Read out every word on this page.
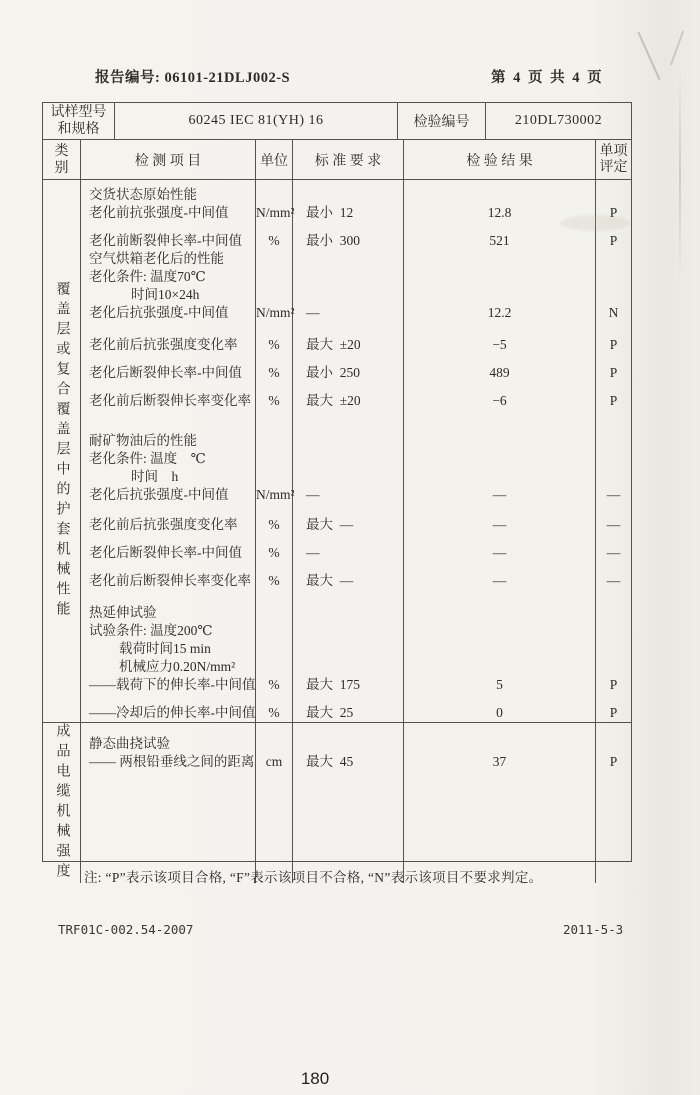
报告编号: 06101-21DLJ002-S	第 4 页 共 4 页
试样型号
和规格
60245 IEC 81(YH) 16	检验编号	210DL730002
类
别	检 测 项 目	单位	标 准 要 求	检 验 结 果
单项
评定
覆盖层或复合覆盖层中的护套机械性能
交货状态原始性能
老化前抗张强度-中间值	N/mm² 最小  12	12.8	P
老化前断裂伸长率-中间值	%	最小  300	521	P
空气烘箱老化后的性能
老化条件: 温度70℃
时间10×24h
老化后抗张强度-中间值	N/mm² —	12.2	N
老化前后抗张强度变化率	%	最大  ±20	−5	P
老化后断裂伸长率-中间值	%	最小  250	489	P
老化前后断裂伸长率变化率	%	最大  ±20	−6	P
耐矿物油后的性能
老化条件: 温度    ℃
时间    h
老化后抗张强度-中间值	N/mm² —	—	—
老化前后抗张强度变化率	%	最大  —	—	—
老化后断裂伸长率-中间值	%	—	—	—
老化前后断裂伸长率变化率	%	最大  —	—	—
热延伸试验
试验条件: 温度200℃
载荷时间15 min
机械应力0.20N/mm²
——载荷下的伸长率-中间值 %	最大  175	5	P
——冷却后的伸长率-中间值 %	最大  25	0	P
成品电缆机械强度	静态曲挠试验
—— 两根铅垂线之间的距离 cm	最大  45	37	P
注: “P”表示该项目合格, “F”表示该项目不合格, “N”表示该项目不要求判定。
TRF01C-002.54-2007	2011-5-3
180
